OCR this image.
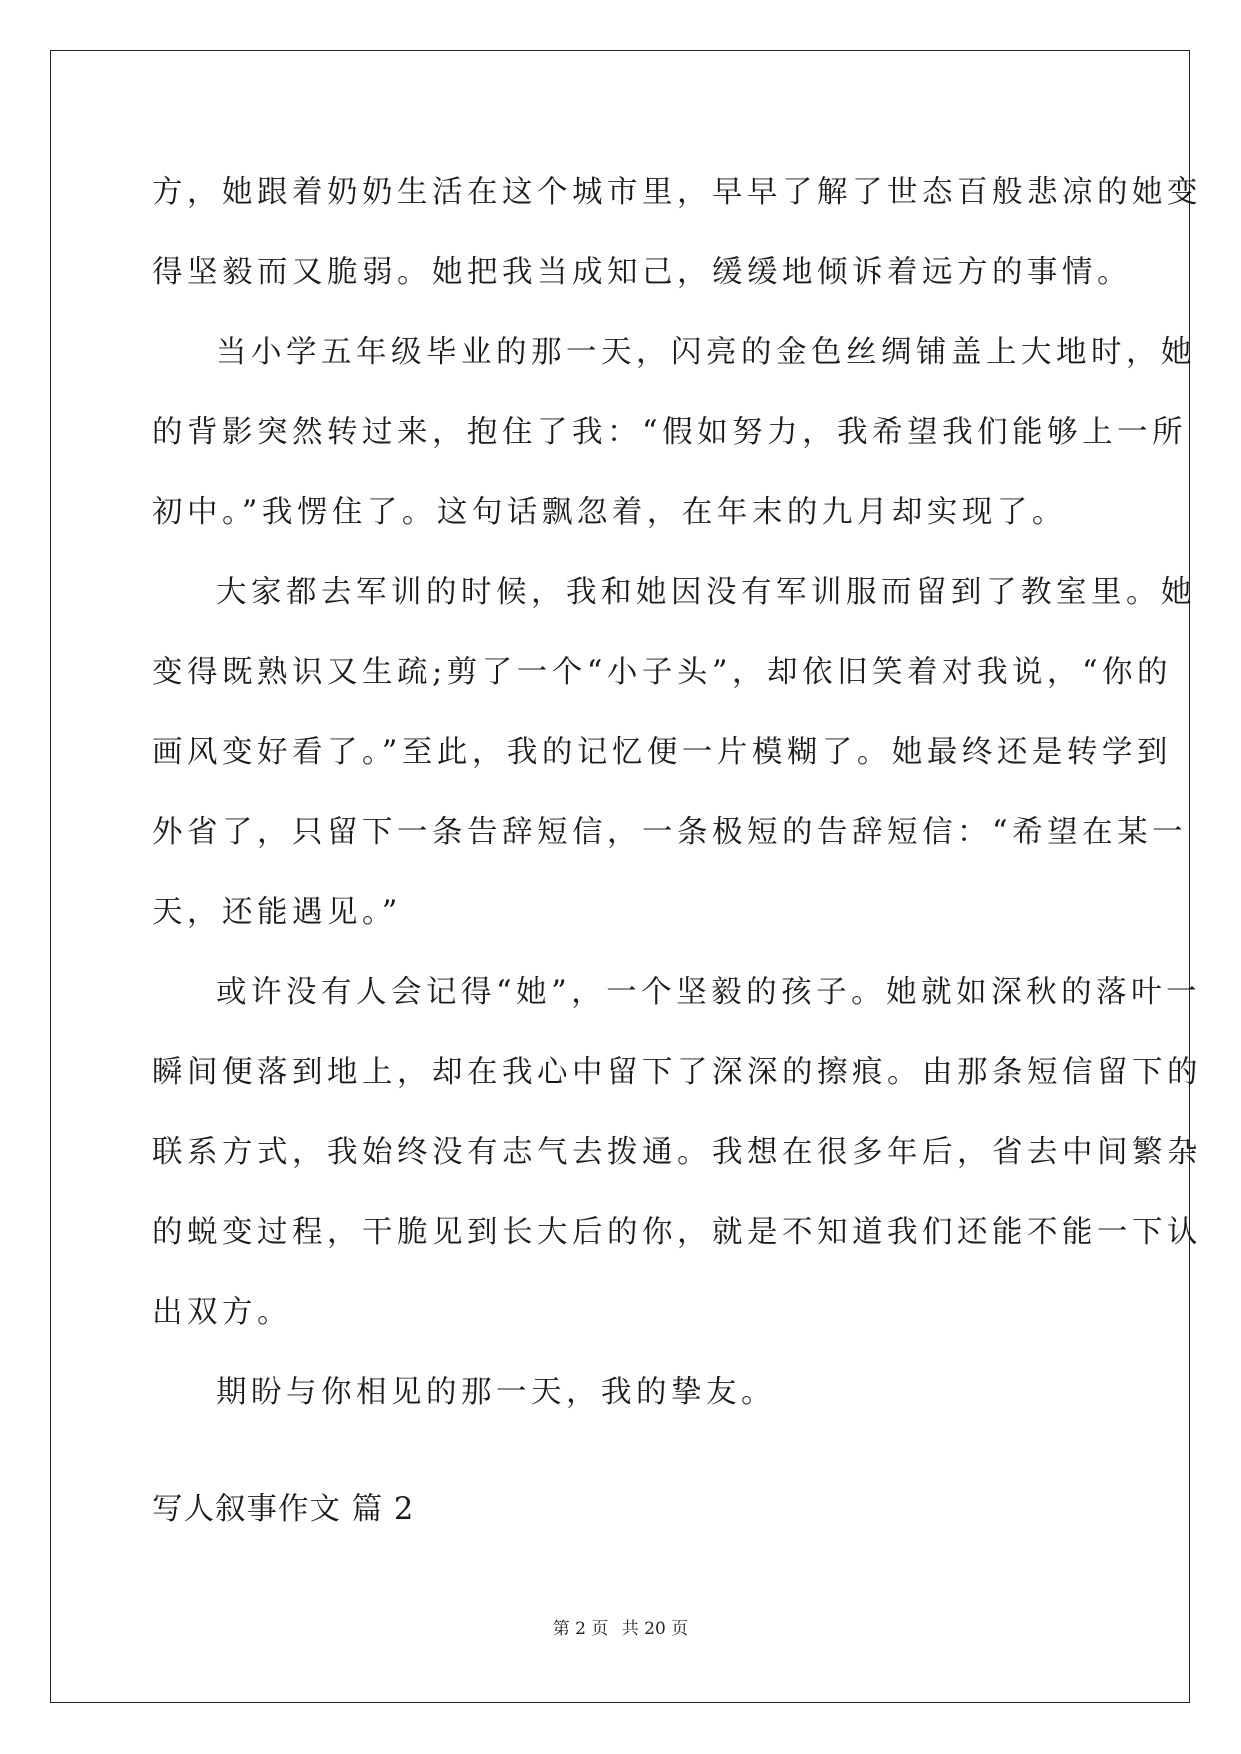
方，她跟着奶奶生活在这个城市里，早早了解了世态百般悲凉的她变
得坚毅而又脆弱。她把我当成知己，缓缓地倾诉着远方的事情。
当小学五年级毕业的那一天，闪亮的金色丝绸铺盖上大地时，她
的背影突然转过来，抱住了我：“假如努力，我希望我们能够上一所
初中。”我愣住了。这句话飘忽着，在年末的九月却实现了。
大家都去军训的时候，我和她因没有军训服而留到了教室里。她
变得既熟识又生疏;剪了一个“小子头”，却依旧笑着对我说，“你的
画风变好看了。”至此，我的记忆便一片模糊了。她最终还是转学到
外省了，只留下一条告辞短信，一条极短的告辞短信：“希望在某一
天，还能遇见。”
或许没有人会记得“她”，一个坚毅的孩子。她就如深秋的落叶一
瞬间便落到地上，却在我心中留下了深深的擦痕。由那条短信留下的
联系方式，我始终没有志气去拨通。我想在很多年后，省去中间繁杂
的蜕变过程，干脆见到长大后的你，就是不知道我们还能不能一下认
出双方。
期盼与你相见的那一天，我的挚友。
写人叙事作文 篇 2
第 2 页 共 20 页
